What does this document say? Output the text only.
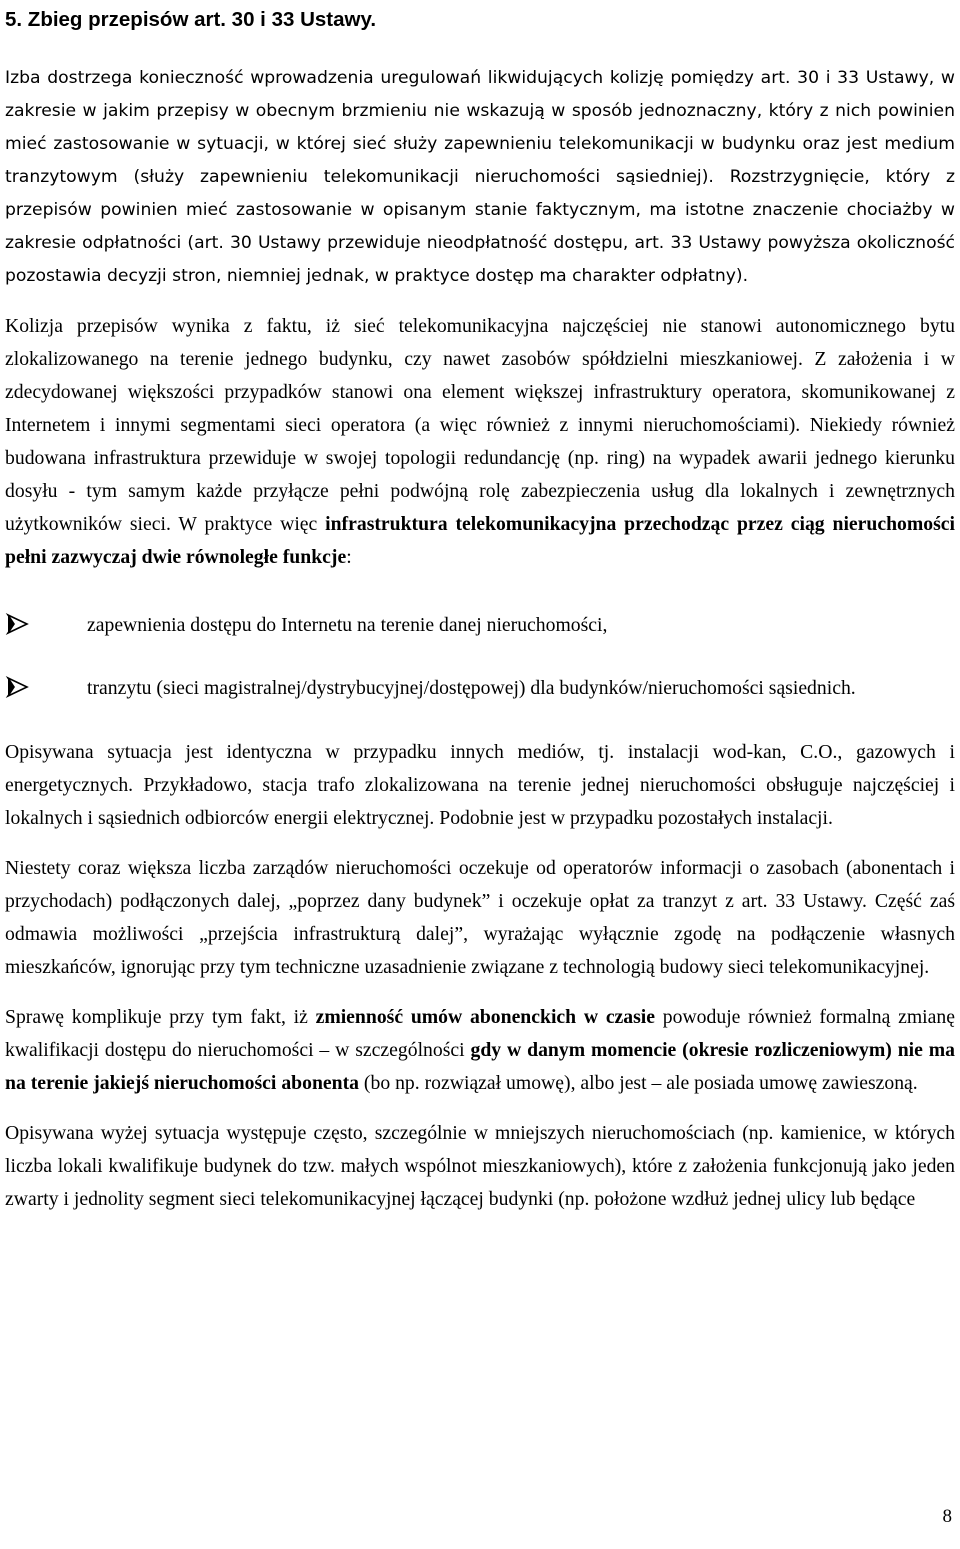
5. Zbieg przepisów art. 30 i 33 Ustawy.

Izba dostrzega konieczność wprowadzenia uregulowań likwidujących kolizję pomiędzy art. 30 i 33 Ustawy, w zakresie w jakim przepisy w obecnym brzmieniu nie wskazują w sposób jednoznaczny, który z nich powinien mieć zastosowanie w sytuacji, w której sieć służy zapewnieniu telekomunikacji w budynku oraz jest medium tranzytowym (służy zapewnieniu telekomunikacji nieruchomości sąsiedniej). Rozstrzygnięcie, który z przepisów powinien mieć zastosowanie w opisanym stanie faktycznym, ma istotne znaczenie chociażby w zakresie odpłatności (art. 30 Ustawy przewiduje nieodpłatność dostępu, art. 33 Ustawy powyższa okoliczność pozostawia decyzji stron, niemniej jednak, w praktyce dostęp ma charakter odpłatny).

Kolizja przepisów wynika z faktu, iż sieć telekomunikacyjna najczęściej nie stanowi autonomicznego bytu zlokalizowanego na terenie jednego budynku, czy nawet zasobów spółdzielni mieszkaniowej. Z założenia i w zdecydowanej większości przypadków stanowi ona element większej infrastruktury operatora, skomunikowanej z Internetem i innymi segmentami sieci operatora (a więc również z innymi nieruchomościami). Niekiedy również budowana infrastruktura przewiduje w swojej topologii redundancję (np. ring) na wypadek awarii jednego kierunku dosyłu - tym samym każde przyłącze pełni podwójną rolę zabezpieczenia usług dla lokalnych i zewnętrznych użytkowników sieci. W praktyce więc infrastruktura telekomunikacyjna przechodząc przez ciąg nieruchomości pełni zazwyczaj dwie równoległe funkcje:

zapewnienia dostępu do Internetu na terenie danej nieruchomości,
tranzytu (sieci magistralnej/dystrybucyjnej/dostępowej) dla budynków/nieruchomości sąsiednich.

Opisywana sytuacja jest identyczna w przypadku innych mediów, tj. instalacji wod-kan, C.O., gazowych i energetycznych. Przykładowo, stacja trafo zlokalizowana na terenie jednej nieruchomości obsługuje najczęściej i lokalnych i sąsiednich odbiorców energii elektrycznej. Podobnie jest w przypadku pozostałych instalacji.

Niestety coraz większa liczba zarządów nieruchomości oczekuje od operatorów informacji o zasobach (abonentach i przychodach) podłączonych dalej, „poprzez dany budynek” i oczekuje opłat za tranzyt z art. 33 Ustawy. Część zaś odmawia możliwości „przejścia infrastrukturą dalej”, wyrażając wyłącznie zgodę na podłączenie własnych mieszkańców, ignorując przy tym techniczne uzasadnienie związane z technologią budowy sieci telekomunikacyjnej.

Sprawę komplikuje przy tym fakt, iż zmienność umów abonenckich w czasie powoduje również formalną zmianę kwalifikacji dostępu do nieruchomości – w szczególności gdy w danym momencie (okresie rozliczeniowym) nie ma na terenie jakiejś nieruchomości abonenta (bo np. rozwiązał umowę), albo jest – ale posiada umowę zawieszoną.

Opisywana wyżej sytuacja występuje często, szczególnie w mniejszych nieruchomościach (np. kamienice, w których liczba lokali kwalifikuje budynek do tzw. małych wspólnot mieszkaniowych), które z założenia funkcjonują jako jeden zwarty i jednolity segment sieci telekomunikacyjnej łączącej budynki (np. położone wzdłuż jednej ulicy lub będące

8
